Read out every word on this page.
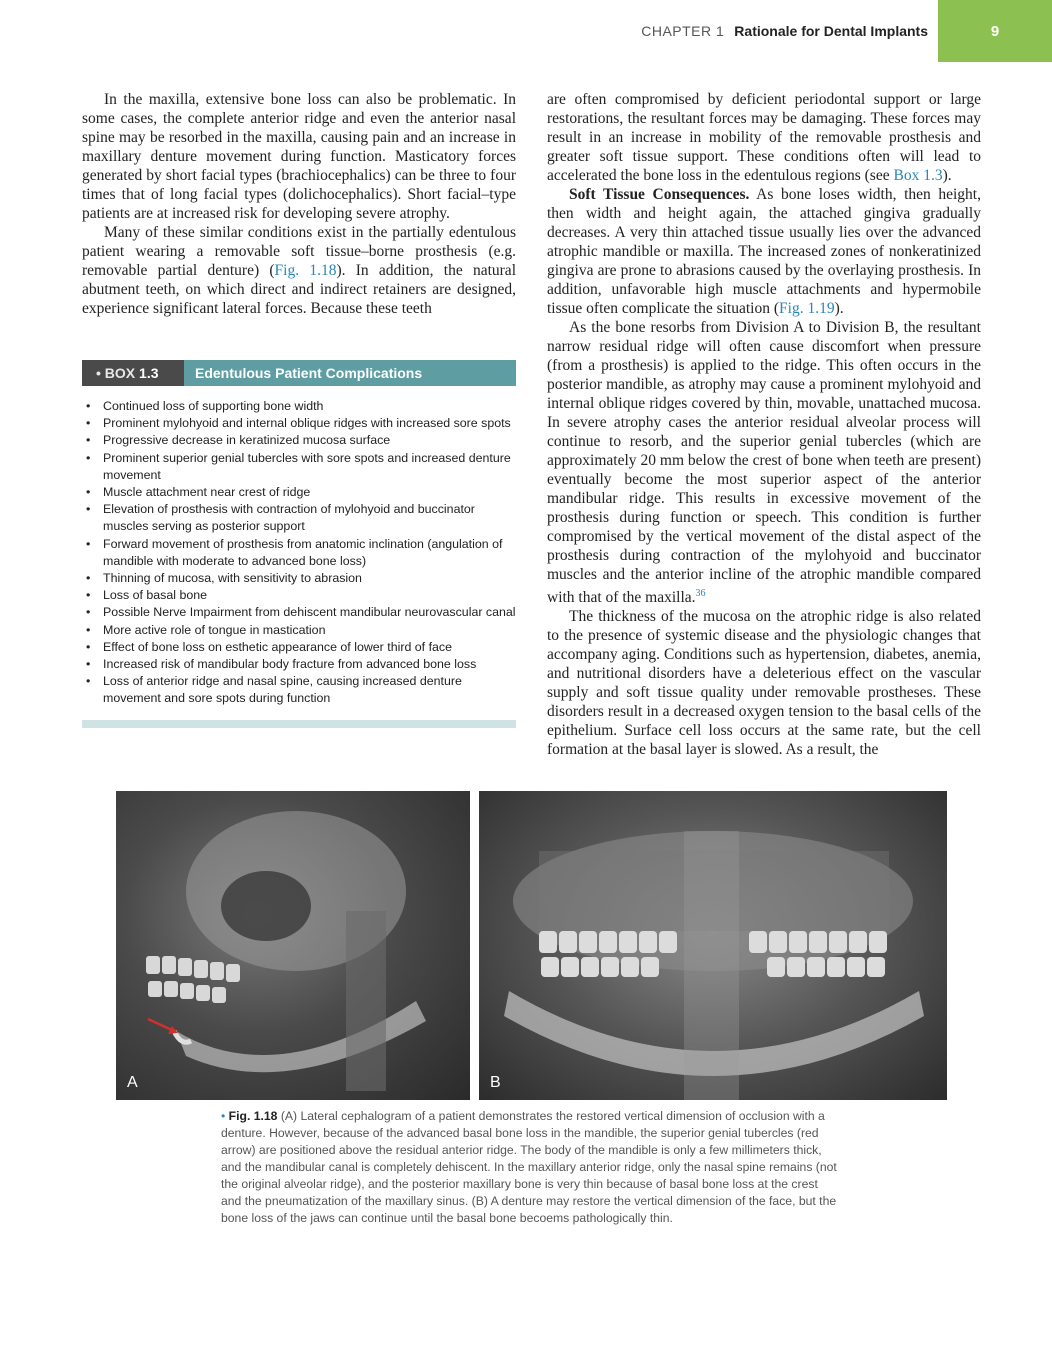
CHAPTER 1 Rationale for Dental Implants	9

In the maxilla, extensive bone loss can also be problematic. In some cases, the complete anterior ridge and even the anterior nasal spine may be resorbed in the maxilla, causing pain and an increase in maxillary denture movement during function. Masticatory forces generated by short facial types (brachiocephalics) can be three to four times that of long facial types (dolichocephalics). Short facial–type patients are at increased risk for developing severe atrophy.

Many of these similar conditions exist in the partially edentulous patient wearing a removable soft tissue–borne prosthesis (e.g. removable partial denture) (Fig. 1.18). In addition, the natural abutment teeth, on which direct and indirect retainers are designed, experience significant lateral forces. Because these teeth

• BOX
1.3	Edentulous Patient Complications
• Continued loss of supporting bone width
• Prominent mylohyoid and internal oblique ridges with increased sore spots
• Progressive decrease in keratinized mucosa surface
• Prominent superior genial tubercles with sore spots and increased denture movement
• Muscle attachment near crest of ridge
• Elevation of prosthesis with contraction of mylohyoid and buccinator muscles serving as posterior support
• Forward movement of prosthesis from anatomic inclination (angulation of mandible with moderate to advanced bone loss)
• Thinning of mucosa, with sensitivity to abrasion
• Loss of basal bone
• Possible Nerve Impairment from dehiscent mandibular neurovascular canal
• More active role of tongue in mastication
• Effect of bone loss on esthetic appearance of lower third of face
• Increased risk of mandibular body fracture from advanced bone loss
• Loss of anterior ridge and nasal spine, causing increased denture movement and sore spots during function

are often compromised by deficient periodontal support or large restorations, the resultant forces may be damaging. These forces may result in an increase in mobility of the removable prosthesis and greater soft tissue support. These conditions often will lead to accelerated the bone loss in the edentulous regions (see Box 1.3).

Soft Tissue Consequences. As bone loses width, then height, then width and height again, the attached gingiva gradually decreases. A very thin attached tissue usually lies over the advanced atrophic mandible or maxilla. The increased zones of nonkeratinized gingiva are prone to abrasions caused by the overlaying prosthesis. In addition, unfavorable high muscle attachments and hypermobile tissue often complicate the situation (Fig. 1.19).

As the bone resorbs from Division A to Division B, the resultant narrow residual ridge will often cause discomfort when pressure (from a prosthesis) is applied to the ridge. This often occurs in the posterior mandible, as atrophy may cause a prominent mylohyoid and internal oblique ridges covered by thin, movable, unattached mucosa. In severe atrophy cases the anterior residual alveolar process will continue to resorb, and the superior genial tubercles (which are approximately 20 mm below the crest of bone when teeth are present) eventually become the most superior aspect of the anterior mandibular ridge. This results in excessive movement of the prosthesis during function or speech. This condition is further compromised by the vertical movement of the distal aspect of the prosthesis during contraction of the mylohyoid and buccinator muscles and the anterior incline of the atrophic mandible compared with that of the maxilla.$^{36}$

The thickness of the mucosa on the atrophic ridge is also related to the presence of systemic disease and the physiologic changes that accompany aging. Conditions such as hypertension, diabetes, anemia, and nutritional disorders have a deleterious effect on the vascular supply and soft tissue quality under removable prostheses. These disorders result in a decreased oxygen tension to the basal cells of the epithelium. Surface cell loss occurs at the same rate, but the cell formation at the basal layer is slowed. As a result, the

A	B
• Fig. 1.18 (A) Lateral cephalogram of a patient demonstrates the restored vertical dimension of occlusion with a denture. However, because of the advanced basal bone loss in the mandible, the superior genial tubercles (red arrow) are positioned above the residual anterior ridge. The body of the mandible is only a few millimeters thick, and the mandibular canal is completely dehiscent. In the maxillary anterior ridge, only the nasal spine remains (not the original alveolar ridge), and the posterior maxillary bone is very thin because of basal bone loss at the crest and the pneumatization of the maxillary sinus. (B) A denture may restore the vertical dimension of the face, but the bone loss of the jaws can continue until the basal bone becoems pathologically thin.
